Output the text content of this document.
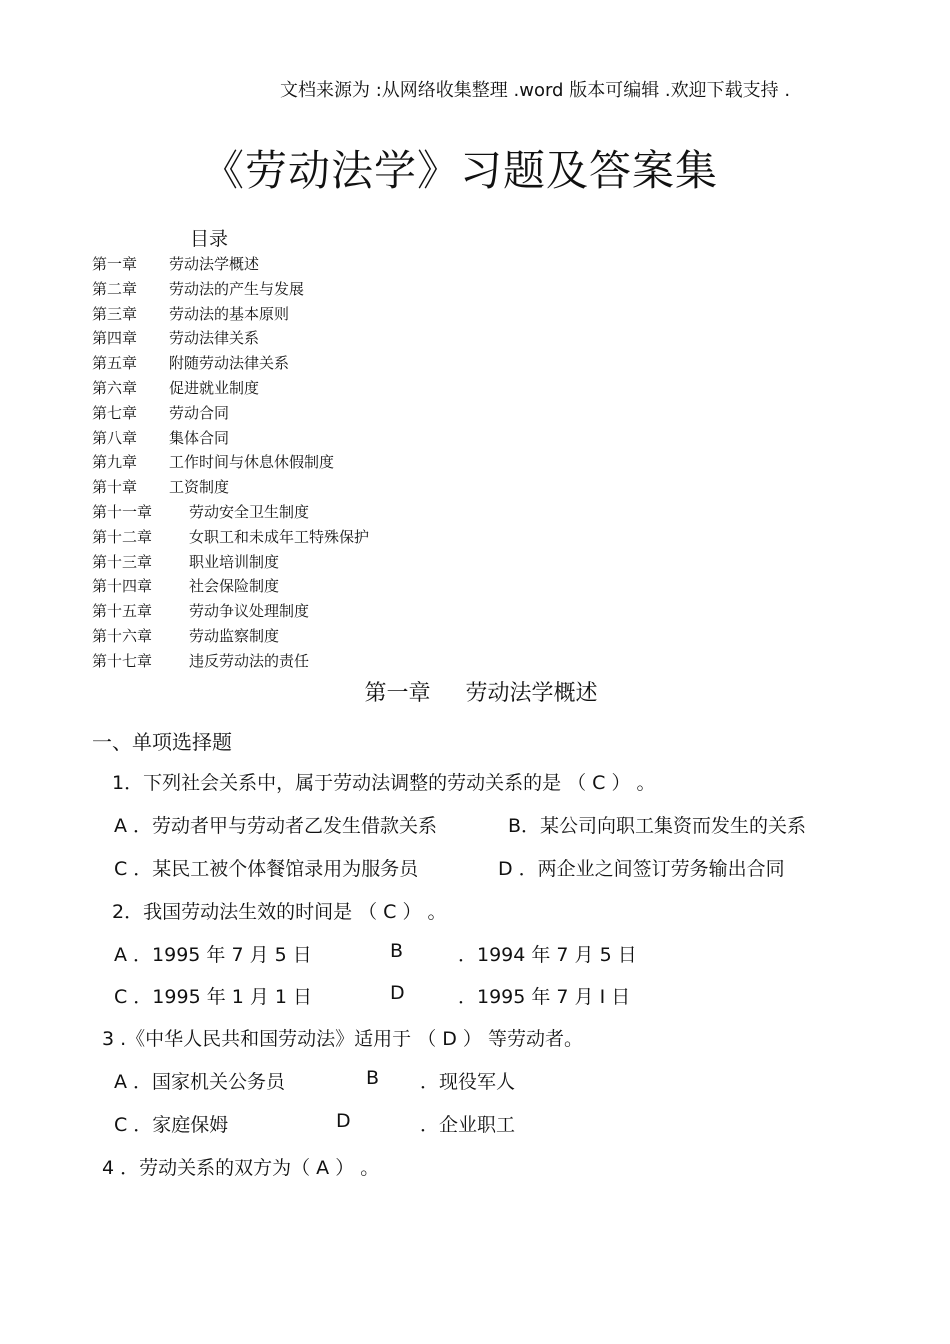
文档来源为 :从网络收集整理 .word 版本可编辑 .欢迎下载支持 .
《劳动法学》习题及答案集
目录
第一章 劳动法学概述
第二章 劳动法的产生与发展
第三章 劳动法的基本原则
第四章 劳动法律关系
第五章 附随劳动法律关系
第六章 促进就业制度
第七章 劳动合同
第八章 集体合同
第九章 工作时间与休息休假制度
第十章 工资制度
第十一章 劳动安全卫生制度
第十二章 女职工和未成年工特殊保护
第十三章 职业培训制度
第十四章 社会保险制度
第十五章 劳动争议处理制度
第十六章 劳动监察制度
第十七章 违反劳动法的责任
第一章     劳动法学概述
一、单项选择题
1．下列社会关系中，属于劳动法调整的劳动关系的是 （ C ） 。
A ．劳动者甲与劳动者乙发生借款关系	B．某公司向职工集资而发生的关系
C ．某民工被个体餐馆录用为服务员	D ．两企业之间签订劳务输出合同
2．我国劳动法生效的时间是 （ C ） 。
A ．1995 年 7 月 5 日	B	．1994 年 7 月 5 日
C ．1995 年 1 月 1 日	D	．1995 年 7 月 I 日
3 .《中华人民共和国劳动法》适用于 （ D ） 等劳动者。
A ．国家机关公务员	B ．现役军人
C ．家庭保姆	D	．企业职工
4 ．劳动关系的双方为（ A ） 。
